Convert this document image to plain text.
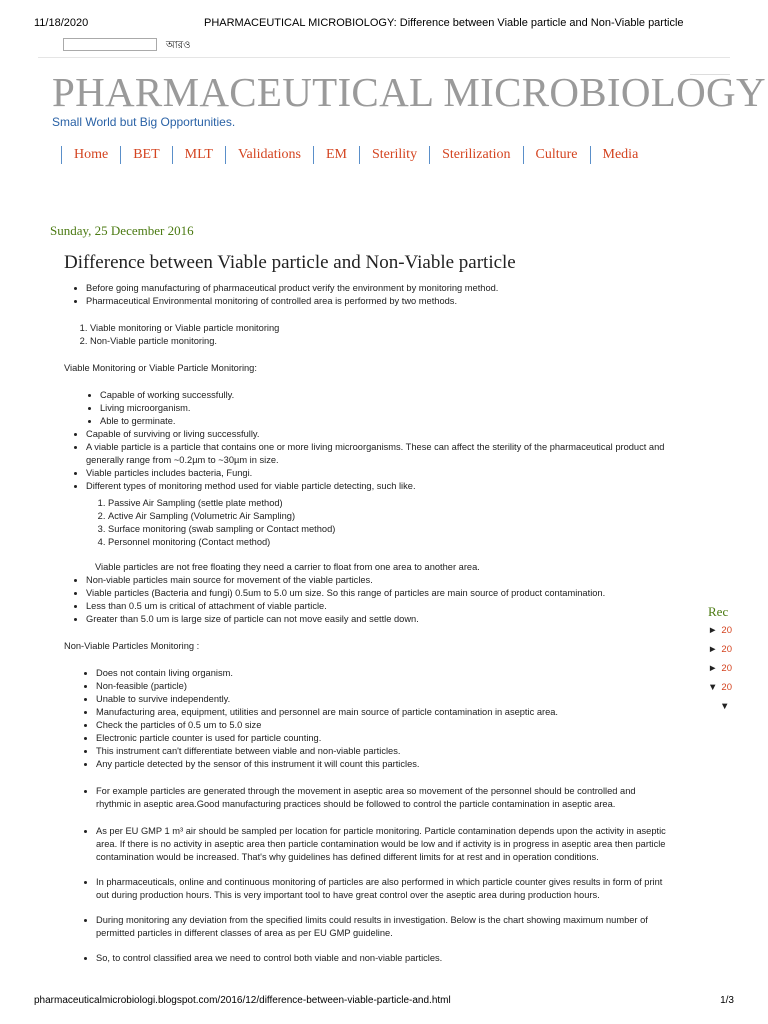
11/18/2020	PHARMACEUTICAL MICROBIOLOGY: Difference between Viable particle and Non-Viable particle
আরও
PHARMACEUTICAL MICROBIOLOGY
Small World but Big Opportunities.
Home	BET	MLT	Validations	EM	Sterility	Sterilization	Culture	Media
Sunday, 25 December 2016
Difference between Viable particle and Non-Viable particle
• Before going manufacturing of pharmaceutical product verify the environment by monitoring method.
• Pharmaceutical Environmental monitoring of controlled area is performed by two methods.
1. Viable monitoring or Viable particle monitoring
2. Non-Viable particle monitoring.
Viable Monitoring or Viable Particle Monitoring:
• Capable of working successfully.
• Living microorganism.
• Able to germinate.
• Capable of surviving or living successfully.
• A viable particle is a particle that contains one or more living microorganisms. These can affect the sterility of the pharmaceutical product and generally range from ~0.2µm to ~30µm in size.
• Viable particles includes bacteria, Fungi.
• Different types of monitoring method used for viable particle detecting, such like.
1. Passive Air Sampling (settle plate method)
2. Active Air Sampling (Volumetric Air Sampling)
3. Surface monitoring (swab sampling or Contact method)
4. Personnel monitoring (Contact method)
Viable particles are not free floating they need a carrier to float from one area to another area.
• Non-viable particles main source for movement of the viable particles.
• Viable particles (Bacteria and fungi) 0.5um to 5.0 um size. So this range of particles are main source of product contamination.
• Less than 0.5 um is critical of attachment of viable particle.
• Greater than 5.0 um is large size of particle can not move easily and settle down.
Non-Viable Particles Monitoring :
• Does not contain living organism.
• Non-feasible (particle)
• Unable to survive independently.
• Manufacturing area, equipment, utilities and personnel are main source of particle contamination in aseptic area.
• Check the particles of 0.5 um to 5.0 size
• Electronic particle counter is used for particle counting.
• This instrument can't differentiate between viable and non-viable particles.
• Any particle detected by the sensor of this instrument it will count this particles.
• For example particles are generated through the movement in aseptic area so movement of the personnel should be controlled and rhythmic in aseptic area.Good manufacturing practices should be followed to control the particle contamination in aseptic area.
• As per EU GMP 1 m³ air should be sampled per location for particle monitoring. Particle contamination depends upon the activity in aseptic area. If there is no activity in aseptic area then particle contamination would be low and if activity is in progress in aseptic area then particle contamination would be increased. That's why guidelines has defined different limits for at rest and in operation conditions.
• In pharmaceuticals, online and continuous monitoring of particles are also performed in which particle counter gives results in form of print out during production hours. This is very important tool to have great control over the aseptic area during production hours.
• During monitoring any deviation from the specified limits could results in investigation. Below is the chart showing maximum number of permitted particles in different classes of area as per EU GMP guideline.
• So, to control classified area we need to control both viable and non-viable particles.
Rec
► 20
► 20
► 20
▼ 20
▼
pharmaceuticalmicrobiologi.blogspot.com/2016/12/difference-between-viable-particle-and.html	1/3
